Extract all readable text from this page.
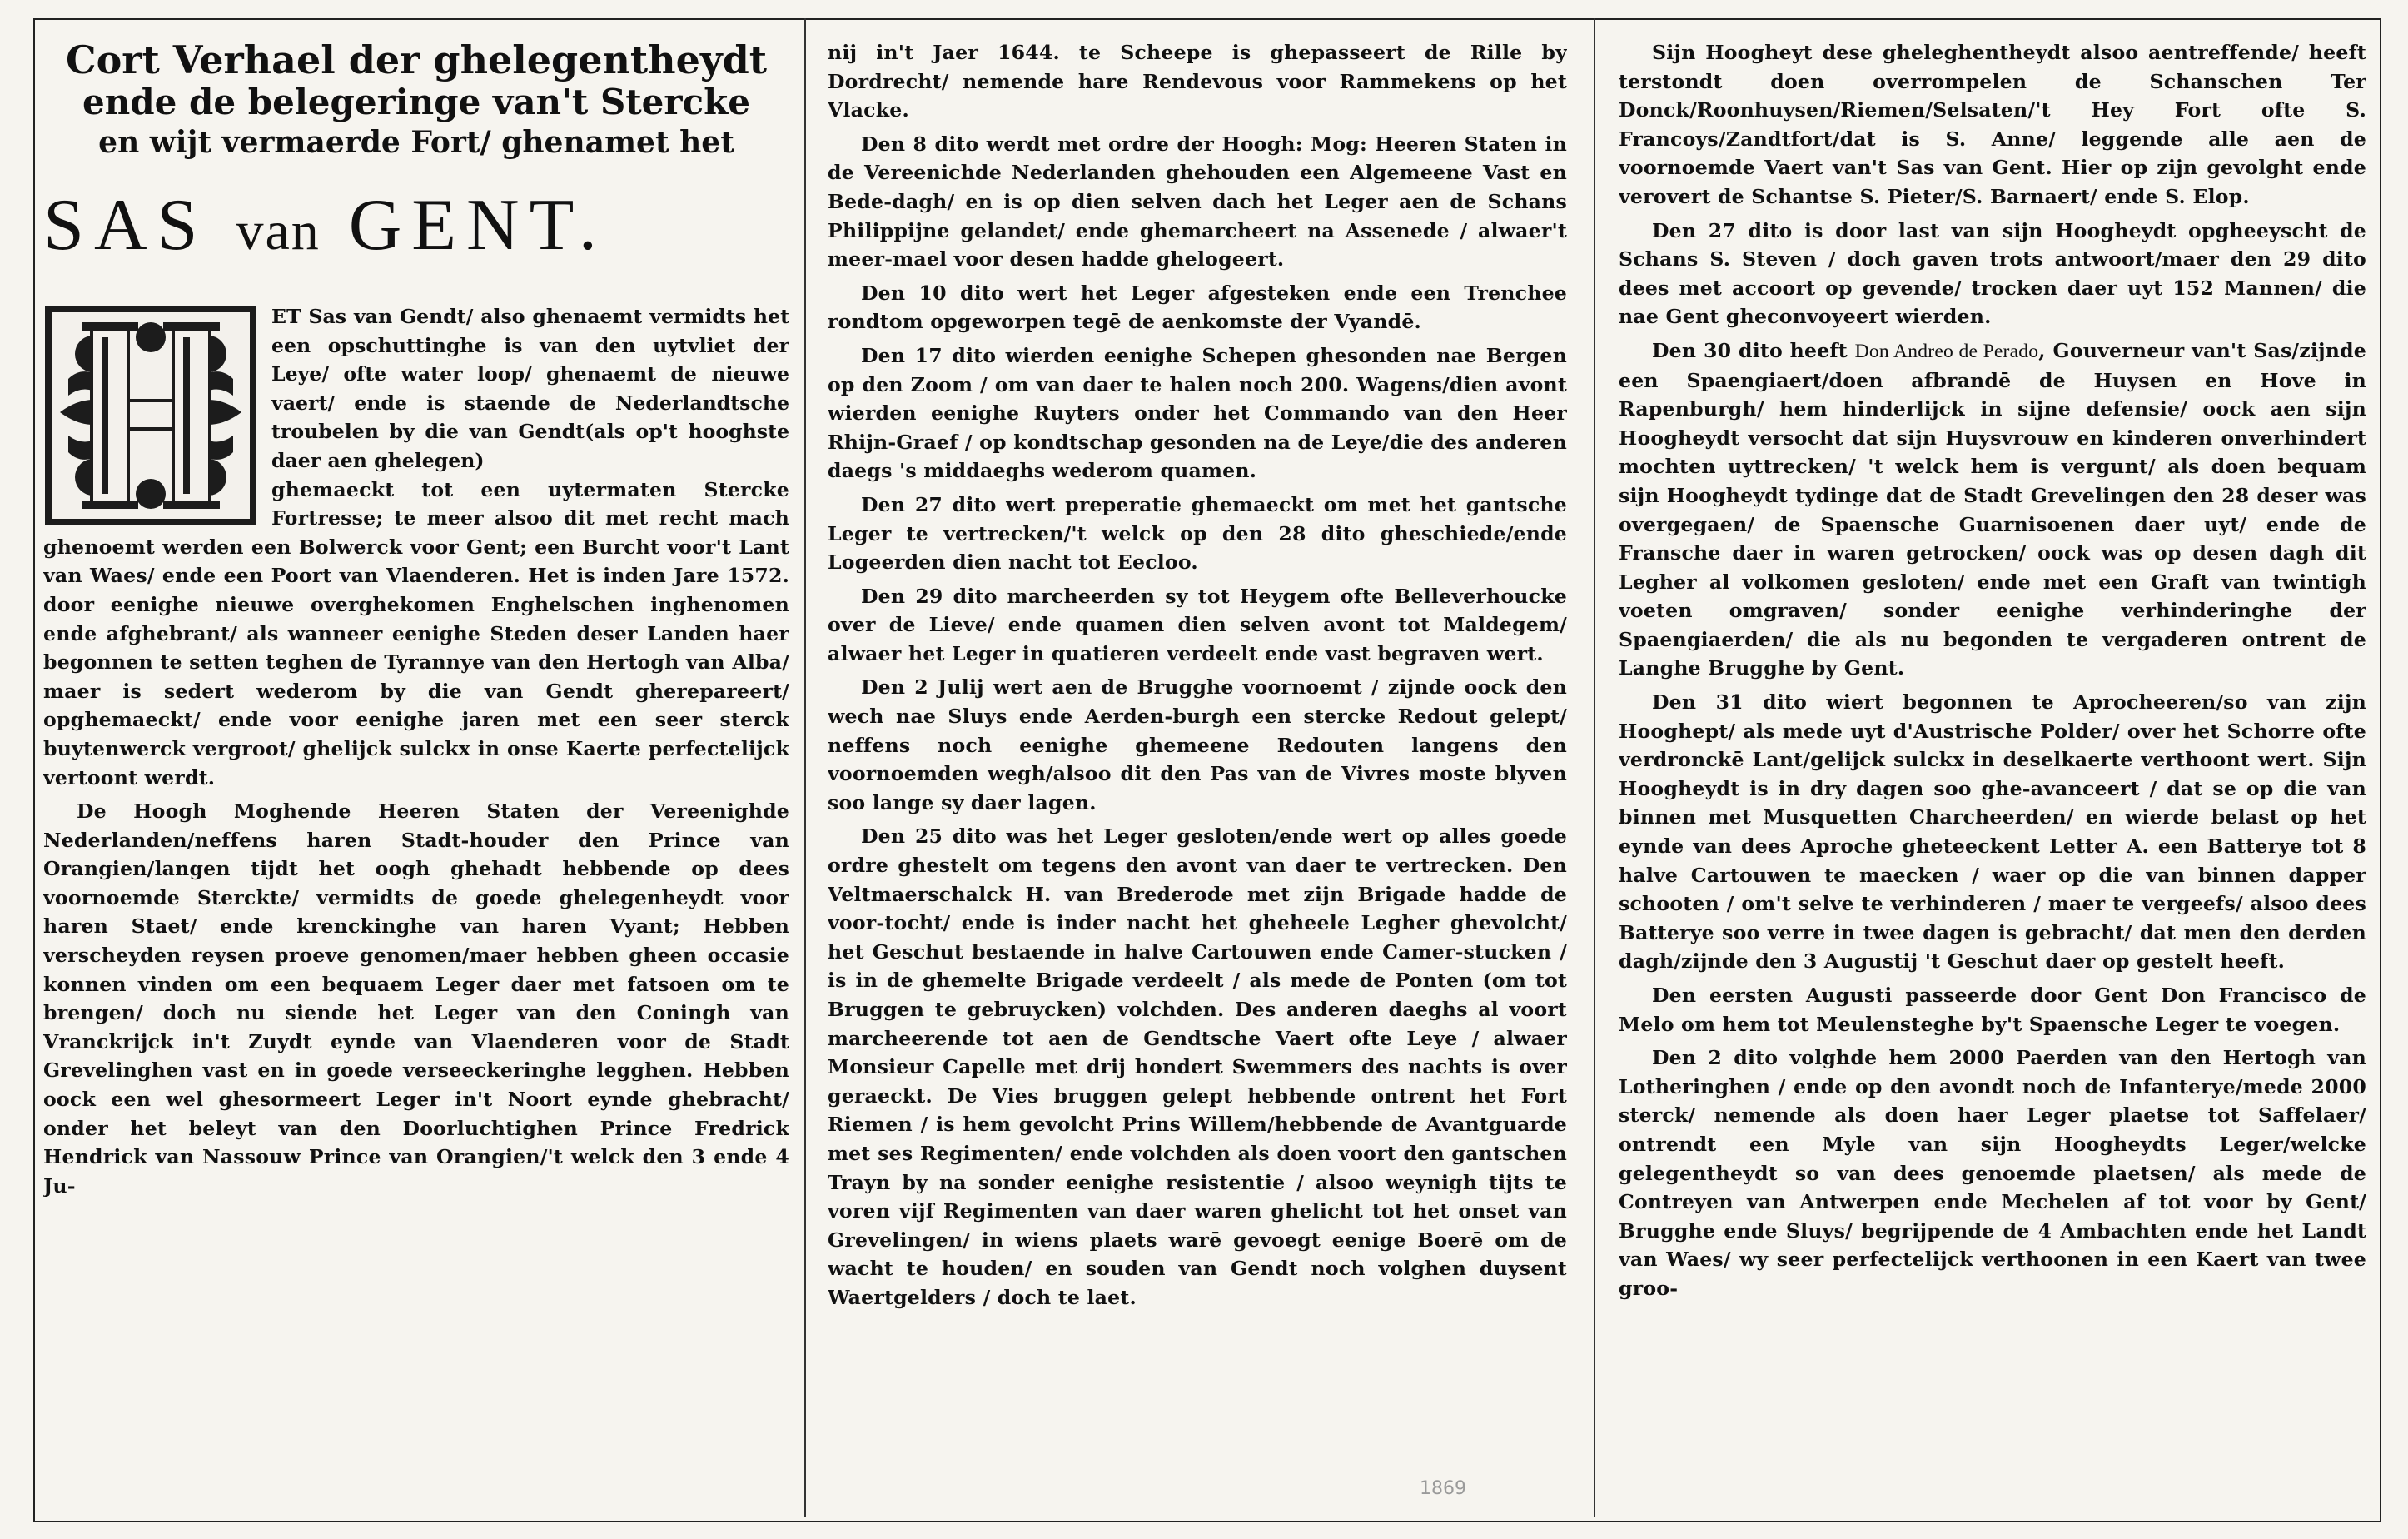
Cort Verhael der ghelegentheydt

ende de belegeringe van't Stercke

en wijt vermaerde Fort/ ghenamet het

SAS van GENT.

ET Sas van Gendt/ also ghenaemt vermidts het een opschuttinghe is van den uytvliet der Leye/ ofte water loop/ ghenaemt de nieuwe vaert/ ende is staende de Nederlandtsche troubelen by die van Gendt(als op't hooghste daer aen ghelegen)

ghemaeckt tot een uytermaten Stercke Fortresse; te meer alsoo dit met recht mach ghenoemt werden een Bolwerck voor Gent; een Burcht voor't Lant van Waes/ ende een Poort van Vlaenderen. Het is inden Jare 1572. door eenighe nieuwe overghekomen Enghelschen inghenomen ende afghebrant/ als wanneer eenighe Steden deser Landen haer begonnen te setten teghen de Tyrannye van den Hertogh van Alba/ maer is sedert wederom by die van Gendt ghereparеert/ opghemaeckt/ ende voor eenighe jaren met een seer sterck buytenwerck vergroot/ ghelijck sulckx in onse Kaerte perfectelijck vertoont werdt.

De Hoogh Moghende Heeren Staten der Vereenighde Nederlanden/neffens haren Stadt-houder den Prince van Orangien/langen tijdt het oogh ghehadt hebbende op dees voornoemde Sterckte/ vermidts de goede ghelegenheydt voor haren Staet/ ende krenckinghe van haren Vyant; Hebben verscheyden reysen proeve genomen/maer hebben gheen occasie konnen vinden om een bequaem Leger daer met fatsoen om te brengen/ doch nu siende het Leger van den Coningh van Vranckrijck in't Zuydt eynde van Vlaenderen voor de Stadt Grevelinghen vast en in goede verseeckeringhe legghen. Hebben oock een wel ghesormeert Leger in't Noort eynde ghebracht/ onder het beleyt van den Doorluchtighen Prince Fredrick Hendrick van Nassouw Prince van Orangien/'t welck den 3 ende 4 Ju-

nij in't Jaer 1644. te Scheepe is ghepasseert de Rille by Dordrecht/ nemende hare Rendevous voor Rammekens op het Vlacke.

Den 8 dito werdt met ordre der Hoogh: Mog: Heeren Staten in de Vereenichde Nederlanden ghehouden een Algemeene Vast en Bede-dagh/ en is op dien selven dach het Leger aen de Schans Philippijne gelandet/ ende ghemarcheert na Assenede / alwaer't meer-mael voor desen hadde ghelogeert.

Den 10 dito wert het Leger afgesteken ende een Trenchee rondtom opgeworpen tegē de aenkomste der Vyandē.

Den 17 dito wierden eenighe Schepen ghesonden nae Bergen op den Zoom / om van daer te halen noch 200. Wagens/dien avont wierden eenighe Ruyters onder het Commando van den Heer Rhijn-Graef / op kondtschap gesonden na de Leye/die des anderen daegs 's middaeghs wederom quamen.

Den 27 dito wert preperatie ghemaeckt om met het gantsche Leger te vertrecken/'t welck op den 28 dito gheschiede/ende Logeerden dien nacht tot Eecloo.

Den 29 dito marcheerden sy tot Heygem ofte Belleverhoucke over de Lieve/ ende quamen dien selven avont tot Maldegem/ alwaer het Leger in quatieren verdeelt ende vast begraven wert.

Den 2 Julij wert aen de Brugghe voornoemt / zijnde oock den wech nae Sluys ende Aerden-burgh een stercke Redout gelept/ neffens noch eenighe ghemeene Redouten langens den voornoemden wegh/alsoo dit den Pas van de Vivres moste blyven soo lange sy daer lagen.

Den 25 dito was het Leger gesloten/ende wert op alles goede ordre ghestelt om tegens den avont van daer te vertrecken. Den Veltmaerschalck H. van Brederode met zijn Brigade hadde de voor-tocht/ ende is inder nacht het gheheele Legher ghevolcht/ het Geschut bestaende in halve Cartouwen ende Camer-stucken / is in de ghemelte Brigade verdeelt / als mede de Ponten (om tot Bruggen te gebruycken) volchden. Des anderen daeghs al voort marcheerende tot aen de Gendtsche Vaert ofte Leye / alwaer Monsieur Capelle met drij hondert Swemmers des nachts is over geraeckt. De Vies bruggen gelept hebbende ontrent het Fort Riemen / is hem gevolcht Prins Willem/hebbende de Avantguarde met ses Regimenten/ ende volchden als doen voort den gantschen Trayn by na sonder eenighe resistentie / alsoo weynigh tijts te voren vijf Regimenten van daer waren ghelicht tot het onset van Grevelingen/ in wiens plaets warē gevoegt eenige Boerē om de wacht te houden/ en souden van Gendt noch volghen duysent Waertgelders / doch te laet.

Sijn Hoogheyt dese gheleghentheydt alsoo aentreffende/ heeft terstondt doen overrompelen de Schanschen Ter Donck/Roonhuysen/Riemen/Selsaten/'t Hey Fort ofte S. Francoys/Zandtfort/dat is S. Anne/ leggende alle aen de voornoemde Vaert van't Sas van Gent. Hier op zijn gevolght ende verovert de Schantse S. Pieter/S. Barnaert/ ende S. Elop.

Den 27 dito is door last van sijn Hoogheydt opgheeyscht de Schans S. Steven / doch gaven trots antwoort/maer den 29 dito dees met accoort op gevende/ trocken daer uyt 152 Mannen/ die nae Gent gheconvoyeert wierden.

Den 30 dito heeft Don Andreo de Perado, Gouverneur van't Sas/zijnde een Spaengiaert/doen afbrandē de Huysen en Hove in Rapenburgh/ hem hinderlijck in sijne defensie/ oock aen sijn Hoogheydt versocht dat sijn Huysvrouw en kinderen onverhindert mochten uyttrecken/ 't welck hem is vergunt/ als doen bequam sijn Hoogheydt tydinge dat de Stadt Grevelingen den 28 deser was overgegaen/ de Spaensche Guarnisoenen daer uyt/ ende de Fransche daer in waren getrocken/ oock was op desen dagh dit Legher al volkomen gesloten/ ende met een Graft van twintigh voeten omgraven/ sonder eenighe verhinderinghe der Spaengiaerden/ die als nu begonden te vergaderen ontrent de Langhe Brugghe by Gent.

Den 31 dito wiert begonnen te Aprocheeren/so van zijn Hooghept/ als mede uyt d'Austrische Polder/ over het Schorre ofte verdronckē Lant/gelijck sulckx in deselkaerte verthoont wert. Sijn Hoogheydt is in dry dagen soo ghe-avanceert / dat se op die van binnen met Musquetten Charcheerden/ en wierde belast op het eynde van dees Aproche gheteeckent Letter A. een Batterye tot 8 halve Cartouwen te maecken / waer op die van binnen dapper schooten / om't selve te verhinderen / maer te vergeefs/ alsoo dees Batterye soo verre in twee dagen is gebracht/ dat men den derden dagh/zijnde den 3 Augustij 't Geschut daer op gestelt heeft.

Den eersten Augusti passeerde door Gent Don Francisco de Melo om hem tot Meulensteghe by't Spaensche Leger te voegen.

Den 2 dito volghde hem 2000 Paerden van den Hertogh van Lotheringhen / ende op den avondt noch de Infanterye/mede 2000 sterck/ nemende als doen haer Leger plaetse tot Saffelaer/ ontrendt een Myle van sijn Hoogheydts Leger/welcke gelegentheydt so van dees genoemde plaetsen/ als mede de Contreyen van Antwerpen ende Mechelen af tot voor by Gent/ Brugghe ende Sluys/ begrijpende de 4 Ambachten ende het Landt van Waes/ wy seer perfectelijck verthoonen in een Kaert van twee groo-

1869
